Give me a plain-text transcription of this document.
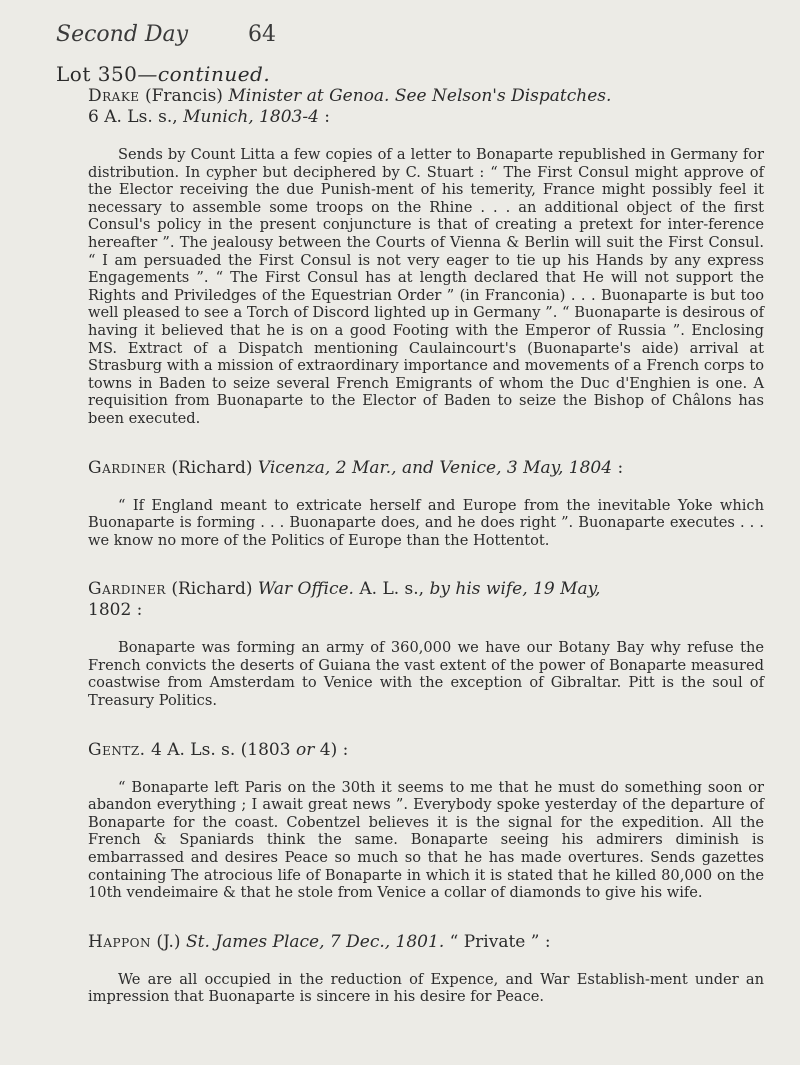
Second Day	64
Lot 350—continued.

Drake (Francis) Minister at Genoa. See Nelson's Dispatches.

6 A. Ls. s., Munich, 1803-4 :

Sends by Count Litta a few copies of a letter to Bonaparte republished in Germany for distribution. In cypher but deciphered by C. Stuart : “ The First Consul might approve of the Elector receiving the due Punish-ment of his temerity, France might possibly feel it necessary to assemble some troops on the Rhine . . . an additional object of the first Consul's policy in the present conjuncture is that of creating a pretext for inter-ference hereafter ”. The jealousy between the Courts of Vienna & Berlin will suit the First Consul. “ I am persuaded the First Consul is not very eager to tie up his Hands by any express Engagements ”. “ The First Consul has at length declared that He will not support the Rights and Priviledges of the Equestrian Order ” (in Franconia) . . . Buonaparte is but too well pleased to see a Torch of Discord lighted up in Germany ”. “ Buonaparte is desirous of having it believed that he is on a good Footing with the Emperor of Russia ”. Enclosing MS. Extract of a Dispatch mentioning Caulaincourt's (Buonaparte's aide) arrival at Strasburg with a mission of extraordinary importance and movements of a French corps to towns in Baden to seize several French Emigrants of whom the Duc d'Enghien is one. A requisition from Buonaparte to the Elector of Baden to seize the Bishop of Châlons has been executed.

Gardiner (Richard) Vicenza, 2 Mar., and Venice, 3 May, 1804 :

“ If England meant to extricate herself and Europe from the inevitable Yoke which Buonaparte is forming . . . Buonaparte does, and he does right ”. Buonaparte executes . . . we know no more of the Politics of Europe than the Hottentot.

Gardiner (Richard) War Office. A. L. s., by his wife, 19 May,

1802 :

Bonaparte was forming an army of 360,000 we have our Botany Bay why refuse the French convicts the deserts of Guiana the vast extent of the power of Bonaparte measured coastwise from Amsterdam to Venice with the exception of Gibraltar. Pitt is the soul of Treasury Politics.

Gentz. 4 A. Ls. s. (1803 or 4) :

“ Bonaparte left Paris on the 30th it seems to me that he must do something soon or abandon everything ; I await great news ”. Everybody spoke yesterday of the departure of Bonaparte for the coast. Cobentzel believes it is the signal for the expedition. All the French & Spaniards think the same. Bonaparte seeing his admirers diminish is embarrassed and desires Peace so much so that he has made overtures. Sends gazettes containing The atrocious life of Bonaparte in which it is stated that he killed 80,000 on the 10th vendeimaire & that he stole from Venice a collar of diamonds to give his wife.

Happon (J.) St. James Place, 7 Dec., 1801. “ Private ” :

We are all occupied in the reduction of Expence, and War Establish-ment under an impression that Buonaparte is sincere in his desire for Peace.
